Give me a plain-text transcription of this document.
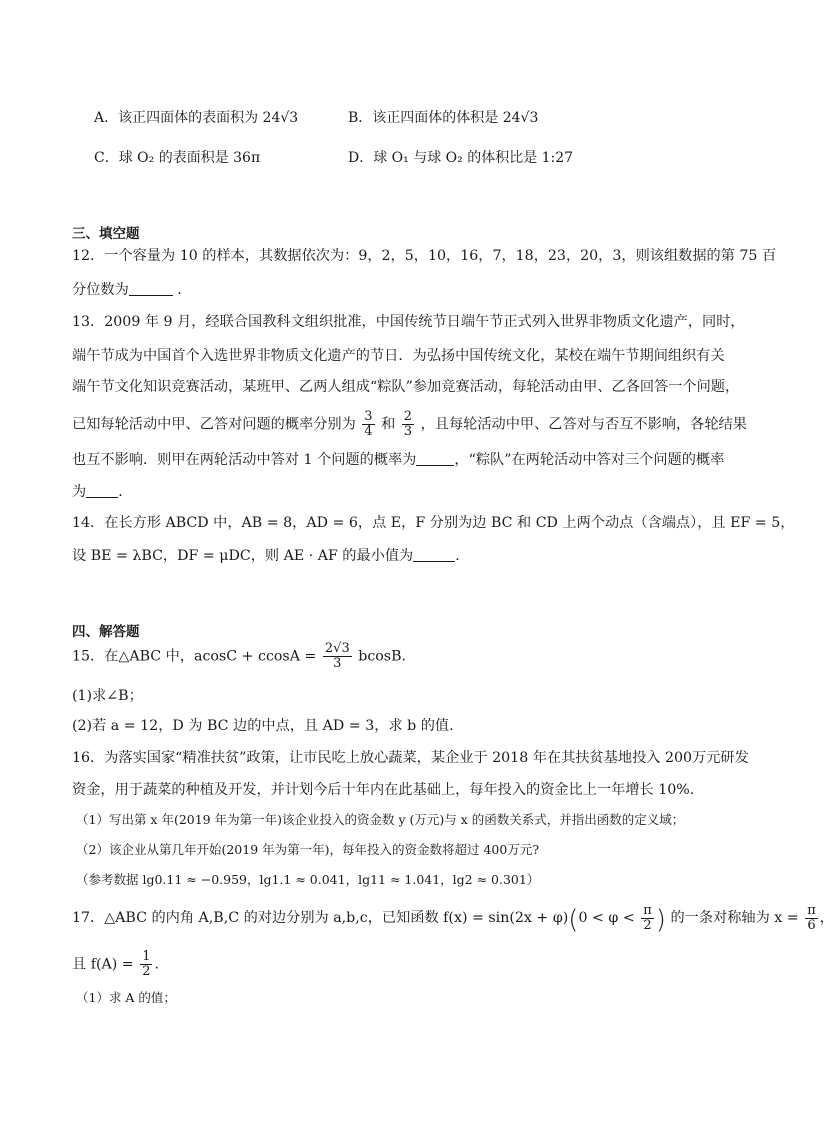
A．该正四面体的表面积为 24√3	B．该正四面体的体积是 24√3
C．球 O₂ 的表面积是 36π	D．球 O₁ 与球 O₂ 的体积比是 1:27
三、填空题
12．一个容量为 10 的样本，其数据依次为：9，2，5，10，16，7，18，23，20，3，则该组数据的第 75 百
分位数为	.
13．2009 年 9 月，经联合国教科文组织批准，中国传统节日端午节正式列入世界非物质文化遗产，同时，
端午节成为中国首个入选世界非物质文化遗产的节日．为弘扬中国传统文化，某校在端午节期间组织有关
端午节文化知识竞赛活动，某班甲、乙两人组成“粽队”参加竞赛活动，每轮活动由甲、乙各回答一个问题，
已知每轮活动中甲、乙答对问题的概率分别为 $\frac{3}{4}$ 和 $\frac{2}{3}$ ，且每轮活动中甲、乙答对与否互不影响，各轮结果
也互不影响．则甲在两轮活动中答对 1 个问题的概率为	，“粽队”在两轮活动中答对三个问题的概率
为 ．
14．在长方形 ABCD 中，AB = 8，AD = 6，点 E，F 分别为边 BC 和 CD 上两个动点（含端点），且 EF = 5，
设 BE = λBC，DF = μDC，则 AE · AF 的最小值为	．
四、解答题
15．在△ABC 中，$acosC + ccosA = \frac{2√3}{3}$ bcosB．
(1)求∠B；
(2)若 a = 12，D 为 BC 边的中点，且 AD = 3，求 b 的值.
16．为落实国家“精准扶贫”政策，让市民吃上放心蔬菜，某企业于 2018 年在其扶贫基地投入 200万元研发
资金，用于蔬菜的种植及开发，并计划今后十年内在此基础上，每年投入的资金比上一年增长 10%.
（1）写出第 x 年(2019 年为第一年)该企业投入的资金数 y (万元)与 x 的函数关系式，并指出函数的定义域；
（2）该企业从第几年开始(2019 年为第一年)，每年投入的资金数将超过 400万元?
（参考数据 lg0.11 ≈ −0.959，lg1.1 ≈ 0.041，lg11 ≈ 1.041，lg2 ≈ 0.301）
17．△ABC 的内角 A,B,C 的对边分别为 a,b,c，已知函数 $f(x) = \sin(2x + \varphi)(0 < \varphi < \frac{\pi}{2}$ ) 的一条对称轴为 $x = \frac{\pi}{6}$ ，
且 $f(A) = \frac{1}{2}$ .
（1）求 A 的值；
